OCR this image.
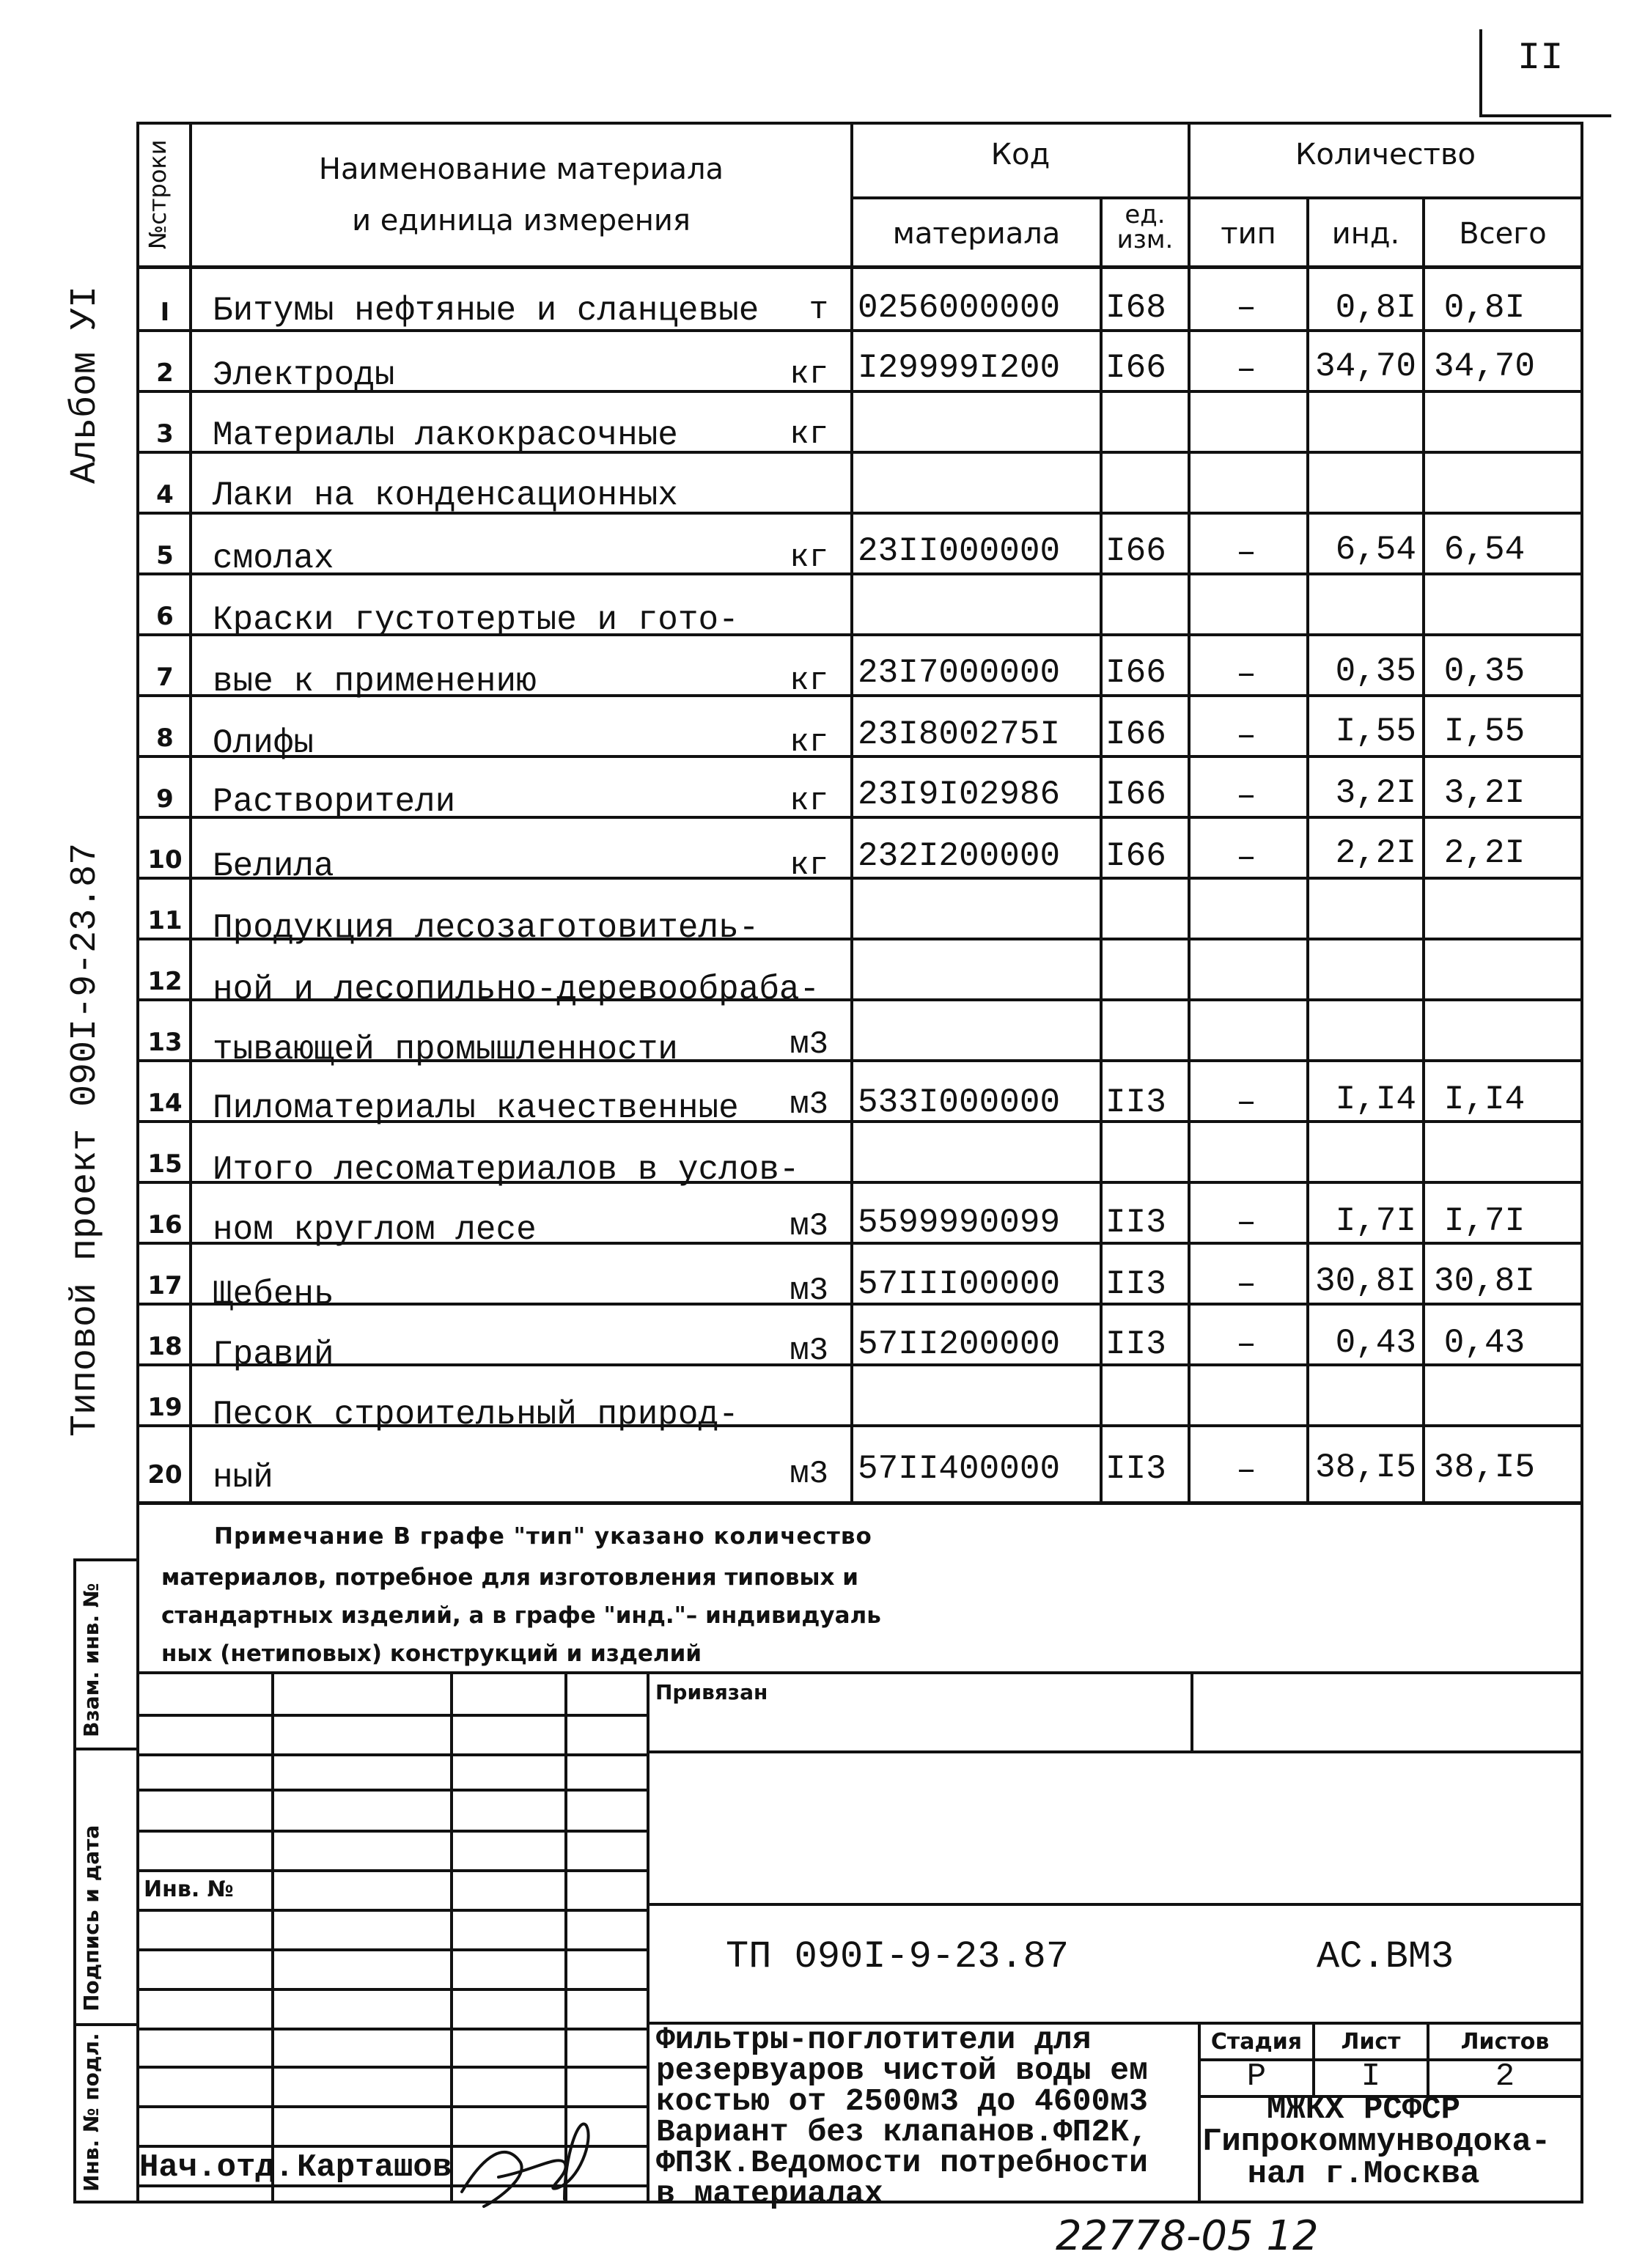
II
Альбом УI
Типовой проект 090I-9-23.87
№строки	Наименование материала
и единица измерения
Код
материала
ед. изм.
Количество
тип	инд.	Всего
I	Битумы нефтяные и сланцевые	т 0256000000 I68	–	0,8I 0,8I
2	Электроды	кг I29999I200 I66	–	34,70 34,70
3	Материалы лакокрасочные	кг
4	Лаки на конденсационных
5	смолах	кг 23II000000 I66	–	6,54 6,54
6	Краски густотертые и гото-
7	вые к применению	кг 23I7000000 I66	–	0,35 0,35
8	Олифы	кг 23I800275I I66	–	I,55 I,55
9	Растворители	кг 23I9I02986 I66	–	3,2I 3,2I
10 Белила	кг 232I200000 I66	–	2,2I 2,2I
11 Продукция лесозаготовитель-
12 ной и лесопильно-деревообраба-
13 тывающей промышленности	м3
14 Пиломатериалы качественные	м3 533I000000 II3	–	I,I4 I,I4
15 Итого лесоматериалов в услов-
16 ном круглом лесе	м3 5599990099 II3	–	I,7I I,7I
17 Щебень	м3 57III00000 II3	–	30,8I 30,8I
18 Гравий	м3 57II200000 II3	–	0,43 0,43
19 Песок строительный природ-
20 ный	м3 57II400000 II3	–	38,I5 38,I5
Примечание В графе "тип" указано количество
материалов, потребное для изготовления типовых и
стандартных изделий, а в графе "инд."– индивидуаль
ных (нетиповых) конструкций и изделий
Взам. инв. №
Подпись и дата
Инв. № подл.
Инв. №
Привязан
ТП 090I-9-23.87	АС.ВМ3
Фильтры-поглотители для
резервуаров чистой воды ем
костью от 2500м3 до 4600м3
Вариант без клапанов.ФП2К,
ФП3К.Ведомости потребности
в материалах
Стадия	Лист	Листов
Р	I	2
МЖКХ РСФСР
Гипрокоммунводока-
нал г.Москва
Нач.отд. Карташов
22778-05 12
